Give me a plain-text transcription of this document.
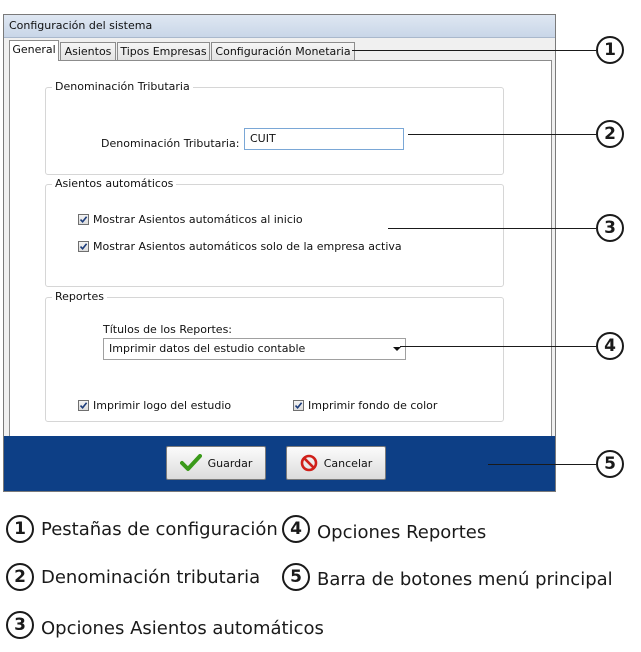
Configuración del sistema
General Asientos Tipos Empresas Configuración Monetaria
Denominación Tributaria
Denominación Tributaria: CUIT
Asientos automáticos
Mostrar Asientos automáticos al inicio
Mostrar Asientos automáticos solo de la empresa activa
Reportes
Títulos de los Reportes:
Imprimir datos del estudio contable
Imprimir logo del estudio	Imprimir fondo de color
Guardar	Cancelar
1
2
3
4
5
1 Pestañas de configuración 4 Opciones Reportes
2 Denominación tributaria	5 Barra de botones menú principal
3 Opciones Asientos automáticos
